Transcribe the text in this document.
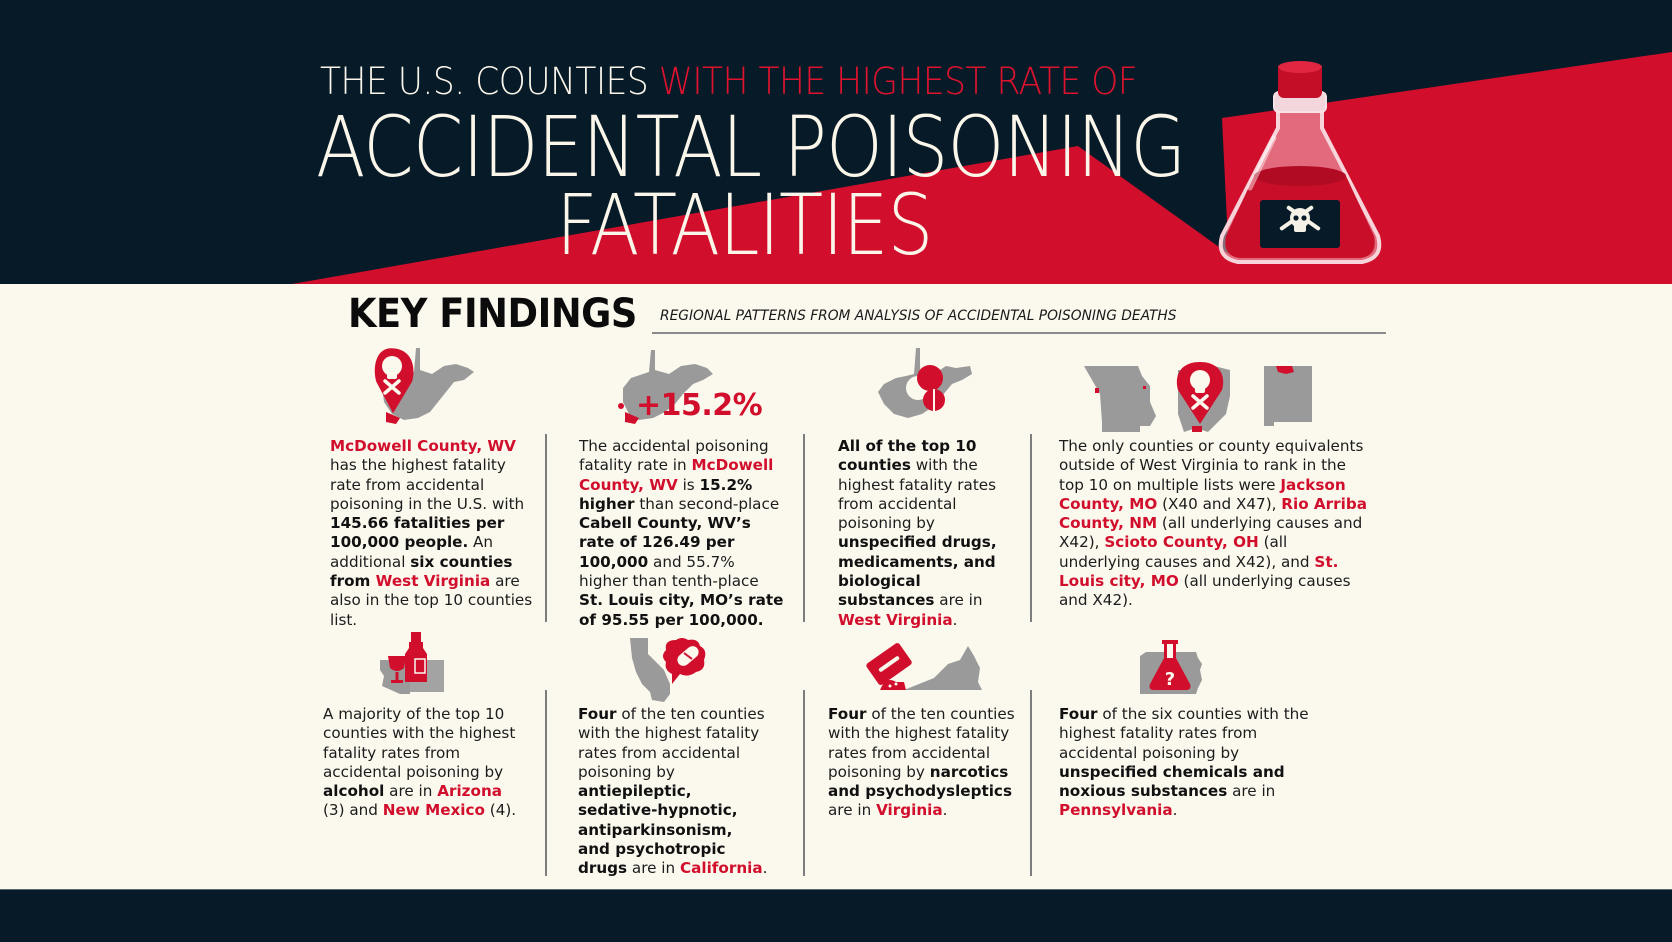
THE U.S. COUNTIES WITH THE HIGHEST RATE OF
ACCIDENTAL POISONING
FATALITIES
KEY FINDINGS REGIONAL PATTERNS FROM ANALYSIS OF ACCIDENTAL POISONING DEATHS
+15.2%
?
McDowell County, WV has the highest fatality rate from accidental poisoning in the U.S. with 145.66 fatalities per 100,000 people. An additional six counties from West Virginia are also in the top 10 counties list.
The accidental poisoning fatality rate in McDowell County, WV is 15.2% higher than second-place Cabell County, WV’s rate of 126.49 per 100,000 and 55.7% higher than tenth-place St. Louis city, MO’s rate of 95.55 per 100,000.
All of the top 10 counties with the highest fatality rates from accidental poisoning by unspecified drugs, medicaments, and biological substances are in West Virginia.
The only counties or county equivalents outside of West Virginia to rank in the top 10 on multiple lists were Jackson County, MO (X40 and X47), Rio Arriba County, NM (all underlying causes and X42), Scioto County, OH (all underlying causes and X42), and St. Louis city, MO (all underlying causes and X42).
A majority of the top 10 counties with the highest fatality rates from accidental poisoning by alcohol are in Arizona (3) and New Mexico (4).
Four of the ten counties with the highest fatality rates from accidental poisoning by antiepileptic, sedative-hypnotic, antiparkinsonism, and psychotropic drugs are in California.
Four of the ten counties with the highest fatality rates from accidental poisoning by narcotics and psychodysleptics are in Virginia.
Four of the six counties with the highest fatality rates from accidental poisoning by unspecified chemicals and noxious substances are in Pennsylvania.
